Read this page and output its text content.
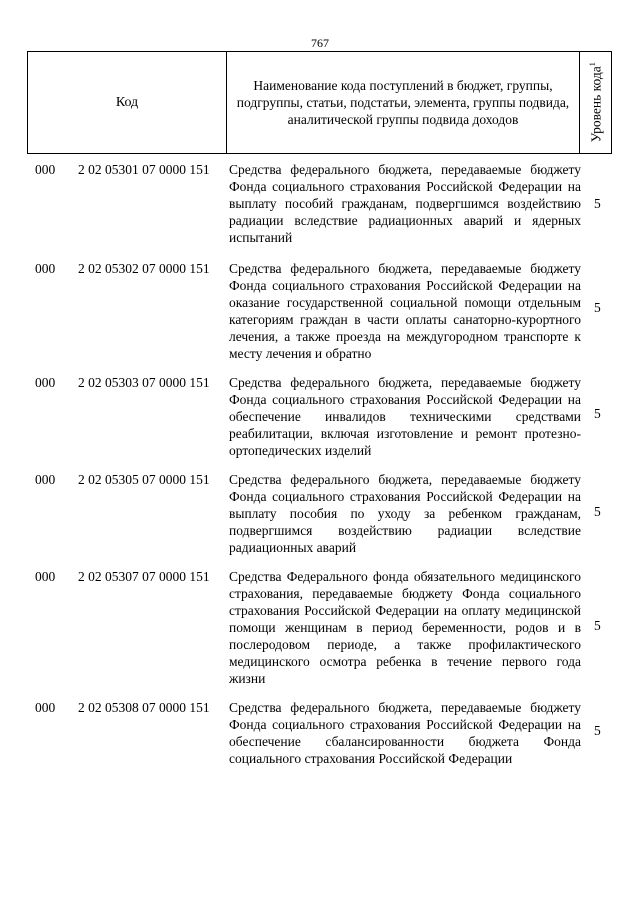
767
Код
Наименование кода поступлений в бюджет, группы, подгруппы, статьи, подстатьи, элемента, группы подвида, аналитической группы подвида доходов	Уровень кода$^1$
000 2 02 05301 07 0000 151 Средства федерального бюджета, передаваемые бюджету Фонда социального страхования Российской Федерации на выплату пособий гражданам, подвергшимся воздействию радиации вследствие радиационных аварий и ядерных испытаний
5
000 2 02 05302 07 0000 151 Средства федерального бюджета, передаваемые бюджету Фонда социального страхования Российской Федерации на оказание государственной социальной помощи отдельным категориям граждан в части оплаты санаторно-курортного лечения, а также проезда на междугородном транспорте к месту лечения и обратно
5
000 2 02 05303 07 0000 151 Средства федерального бюджета, передаваемые бюджету Фонда социального страхования Российской Федерации на обеспечение инвалидов техническими средствами реабилитации, включая изготовление и ремонт протезно-ортопедических изделий
5
000 2 02 05305 07 0000 151 Средства федерального бюджета, передаваемые бюджету Фонда социального страхования Российской Федерации на выплату пособия по уходу за ребенком гражданам, подвергшимся воздействию радиации вследствие радиационных аварий
5
000 2 02 05307 07 0000 151 Средства Федерального фонда обязательного медицинского страхования, передаваемые бюджету Фонда социального страхования Российской Федерации на оплату медицинской помощи женщинам в период беременности, родов и в послеродовом периоде, а также профилактического медицинского осмотра ребенка в течение первого года жизни
5
000 2 02 05308 07 0000 151 Средства федерального бюджета, передаваемые бюджету Фонда социального страхования Российской Федерации на обеспечение сбалансированности бюджета Фонда социального страхования Российской Федерации
5
